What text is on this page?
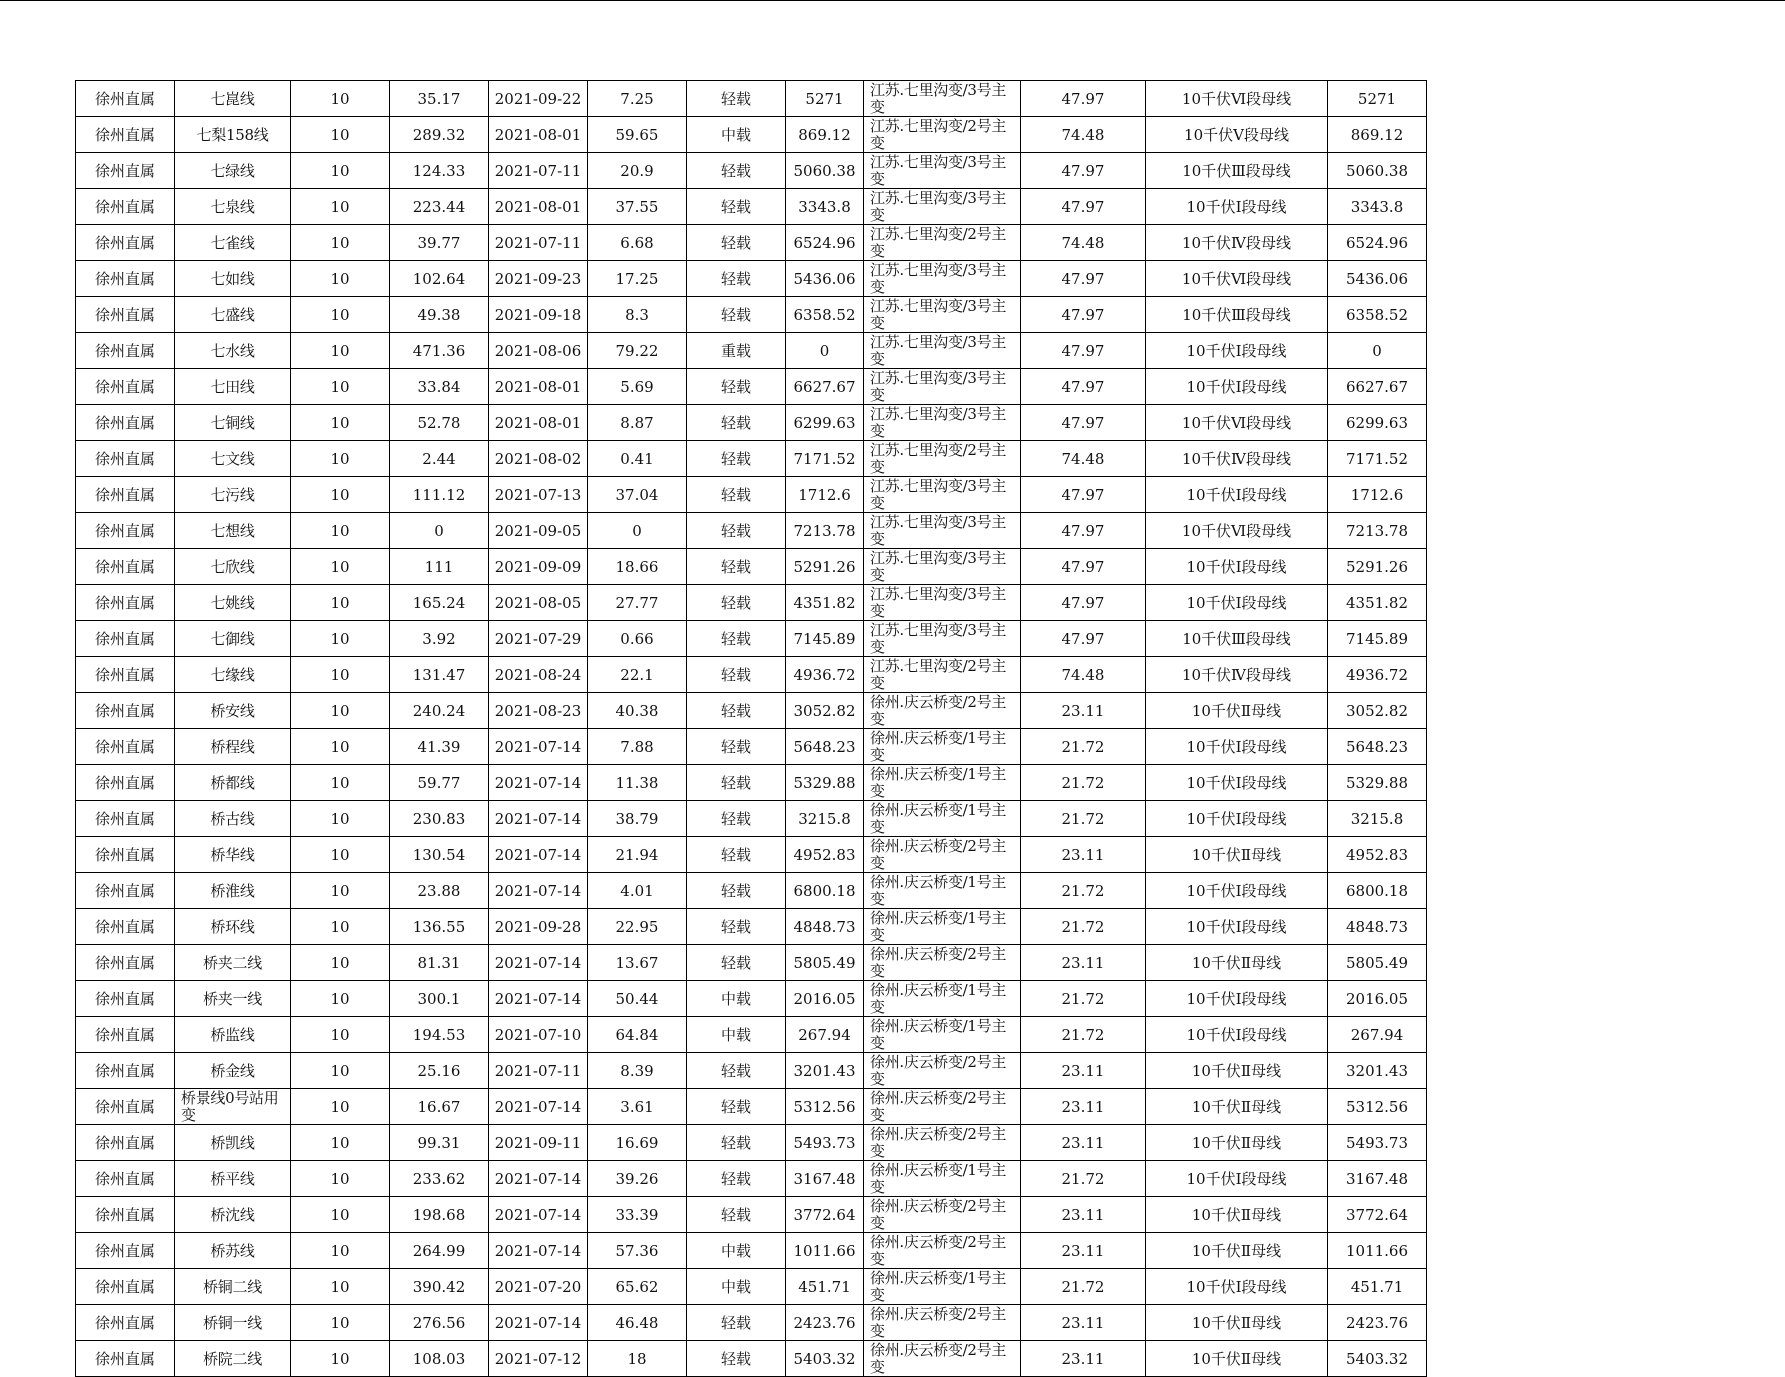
徐州直属	七崑线	10	35.17	2021-09-22	7.25	轻载	5271	江苏.七里沟变/3号主变	47.97	10千伏Ⅵ段母线	5271
徐州直属	七梨158线	10	289.32	2021-08-01	59.65	中载	869.12	江苏.七里沟变/2号主变	74.48	10千伏Ⅴ段母线	869.12
徐州直属	七绿线	10	124.33	2021-07-11	20.9	轻载	5060.38	江苏.七里沟变/3号主变	47.97	10千伏Ⅲ段母线	5060.38
徐州直属	七泉线	10	223.44	2021-08-01	37.55	轻载	3343.8	江苏.七里沟变/3号主变	47.97	10千伏Ⅰ段母线	3343.8
徐州直属	七雀线	10	39.77	2021-07-11	6.68	轻载	6524.96	江苏.七里沟变/2号主变	74.48	10千伏Ⅳ段母线	6524.96
徐州直属	七如线	10	102.64	2021-09-23	17.25	轻载	5436.06	江苏.七里沟变/3号主变	47.97	10千伏Ⅵ段母线	5436.06
徐州直属	七盛线	10	49.38	2021-09-18	8.3	轻载	6358.52	江苏.七里沟变/3号主变	47.97	10千伏Ⅲ段母线	6358.52
徐州直属	七水线	10	471.36	2021-08-06	79.22	重载	0	江苏.七里沟变/3号主变	47.97	10千伏Ⅰ段母线	0
徐州直属	七田线	10	33.84	2021-08-01	5.69	轻载	6627.67	江苏.七里沟变/3号主变	47.97	10千伏Ⅰ段母线	6627.67
徐州直属	七铜线	10	52.78	2021-08-01	8.87	轻载	6299.63	江苏.七里沟变/3号主变	47.97	10千伏Ⅵ段母线	6299.63
徐州直属	七文线	10	2.44	2021-08-02	0.41	轻载	7171.52	江苏.七里沟变/2号主变	74.48	10千伏Ⅳ段母线	7171.52
徐州直属	七污线	10	111.12	2021-07-13	37.04	轻载	1712.6	江苏.七里沟变/3号主变	47.97	10千伏Ⅰ段母线	1712.6
徐州直属	七想线	10	0	2021-09-05	0	轻载	7213.78	江苏.七里沟变/3号主变	47.97	10千伏Ⅵ段母线	7213.78
徐州直属	七欣线	10	111	2021-09-09	18.66	轻载	5291.26	江苏.七里沟变/3号主变	47.97	10千伏Ⅰ段母线	5291.26
徐州直属	七姚线	10	165.24	2021-08-05	27.77	轻载	4351.82	江苏.七里沟变/3号主变	47.97	10千伏Ⅰ段母线	4351.82
徐州直属	七御线	10	3.92	2021-07-29	0.66	轻载	7145.89	江苏.七里沟变/3号主变	47.97	10千伏Ⅲ段母线	7145.89
徐州直属	七缘线	10	131.47	2021-08-24	22.1	轻载	4936.72	江苏.七里沟变/2号主变	74.48	10千伏Ⅳ段母线	4936.72
徐州直属	桥安线	10	240.24	2021-08-23	40.38	轻载	3052.82	徐州.庆云桥变/2号主变	23.11	10千伏Ⅱ母线	3052.82
徐州直属	桥程线	10	41.39	2021-07-14	7.88	轻载	5648.23	徐州.庆云桥变/1号主变	21.72	10千伏Ⅰ段母线	5648.23
徐州直属	桥都线	10	59.77	2021-07-14	11.38	轻载	5329.88	徐州.庆云桥变/1号主变	21.72	10千伏Ⅰ段母线	5329.88
徐州直属	桥古线	10	230.83	2021-07-14	38.79	轻载	3215.8	徐州.庆云桥变/1号主变	21.72	10千伏Ⅰ段母线	3215.8
徐州直属	桥华线	10	130.54	2021-07-14	21.94	轻载	4952.83	徐州.庆云桥变/2号主变	23.11	10千伏Ⅱ母线	4952.83
徐州直属	桥淮线	10	23.88	2021-07-14	4.01	轻载	6800.18	徐州.庆云桥变/1号主变	21.72	10千伏Ⅰ段母线	6800.18
徐州直属	桥环线	10	136.55	2021-09-28	22.95	轻载	4848.73	徐州.庆云桥变/1号主变	21.72	10千伏Ⅰ段母线	4848.73
徐州直属	桥夹二线	10	81.31	2021-07-14	13.67	轻载	5805.49	徐州.庆云桥变/2号主变	23.11	10千伏Ⅱ母线	5805.49
徐州直属	桥夹一线	10	300.1	2021-07-14	50.44	中载	2016.05	徐州.庆云桥变/1号主变	21.72	10千伏Ⅰ段母线	2016.05
徐州直属	桥监线	10	194.53	2021-07-10	64.84	中载	267.94	徐州.庆云桥变/1号主变	21.72	10千伏Ⅰ段母线	267.94
徐州直属	桥金线	10	25.16	2021-07-11	8.39	轻载	3201.43	徐州.庆云桥变/2号主变	23.11	10千伏Ⅱ母线	3201.43
徐州直属	桥景线0号站用变	10	16.67	2021-07-14	3.61	轻载	5312.56	徐州.庆云桥变/2号主变	23.11	10千伏Ⅱ母线	5312.56
徐州直属	桥凯线	10	99.31	2021-09-11	16.69	轻载	5493.73	徐州.庆云桥变/2号主变	23.11	10千伏Ⅱ母线	5493.73
徐州直属	桥平线	10	233.62	2021-07-14	39.26	轻载	3167.48	徐州.庆云桥变/1号主变	21.72	10千伏Ⅰ段母线	3167.48
徐州直属	桥沈线	10	198.68	2021-07-14	33.39	轻载	3772.64	徐州.庆云桥变/2号主变	23.11	10千伏Ⅱ母线	3772.64
徐州直属	桥苏线	10	264.99	2021-07-14	57.36	中载	1011.66	徐州.庆云桥变/2号主变	23.11	10千伏Ⅱ母线	1011.66
徐州直属	桥铜二线	10	390.42	2021-07-20	65.62	中载	451.71	徐州.庆云桥变/1号主变	21.72	10千伏Ⅰ段母线	451.71
徐州直属	桥铜一线	10	276.56	2021-07-14	46.48	轻载	2423.76	徐州.庆云桥变/2号主变	23.11	10千伏Ⅱ母线	2423.76
徐州直属	桥院二线	10	108.03	2021-07-12	18	轻载	5403.32	徐州.庆云桥变/2号主变	23.11	10千伏Ⅱ母线	5403.32
